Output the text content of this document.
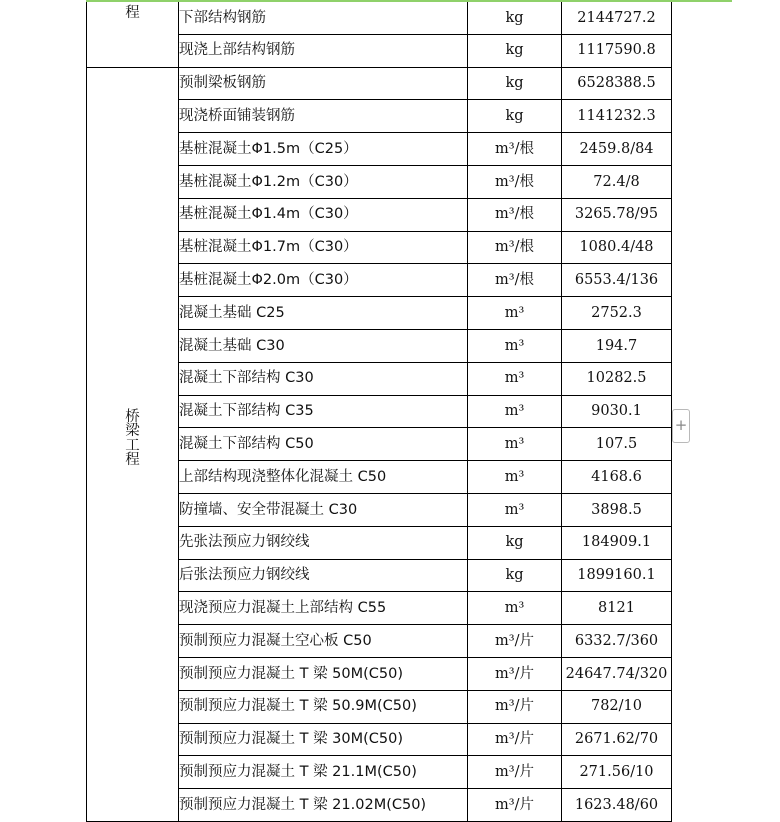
程	下部结构钢筋	kg	2144727.2
	现浇上部结构钢筋	kg	1117590.8
桥
梁
工
程	预制梁板钢筋	kg	6528388.5
	现浇桥面铺装钢筋	kg	1141232.3
	基桩混凝土Φ1.5m（C25）	m³/根	2459.8/84
	基桩混凝土Φ1.2m（C30）	m³/根	72.4/8
	基桩混凝土Φ1.4m（C30）	m³/根	3265.78/95
	基桩混凝土Φ1.7m（C30）	m³/根	1080.4/48
	基桩混凝土Φ2.0m（C30）	m³/根	6553.4/136
	混凝土基础 C25	m³	2752.3
	混凝土基础 C30	m³	194.7
	混凝土下部结构 C30	m³	10282.5
	混凝土下部结构 C35	m³	9030.1
	混凝土下部结构 C50	m³	107.5
	上部结构现浇整体化混凝土 C50	m³	4168.6
	防撞墙、安全带混凝土 C30	m³	3898.5
	先张法预应力钢绞线	kg	184909.1
	后张法预应力钢绞线	kg	1899160.1
	现浇预应力混凝土上部结构 C55	m³	8121
	预制预应力混凝土空心板 C50	m³/片	6332.7/360
	预制预应力混凝土 T 梁 50M(C50)	m³/片	24647.74/320
	预制预应力混凝土 T 梁 50.9M(C50)	m³/片	782/10
	预制预应力混凝土 T 梁 30M(C50)	m³/片	2671.62/70
	预制预应力混凝土 T 梁 21.1M(C50)	m³/片	271.56/10
	预制预应力混凝土 T 梁 21.02M(C50)	m³/片	1623.48/60
+
